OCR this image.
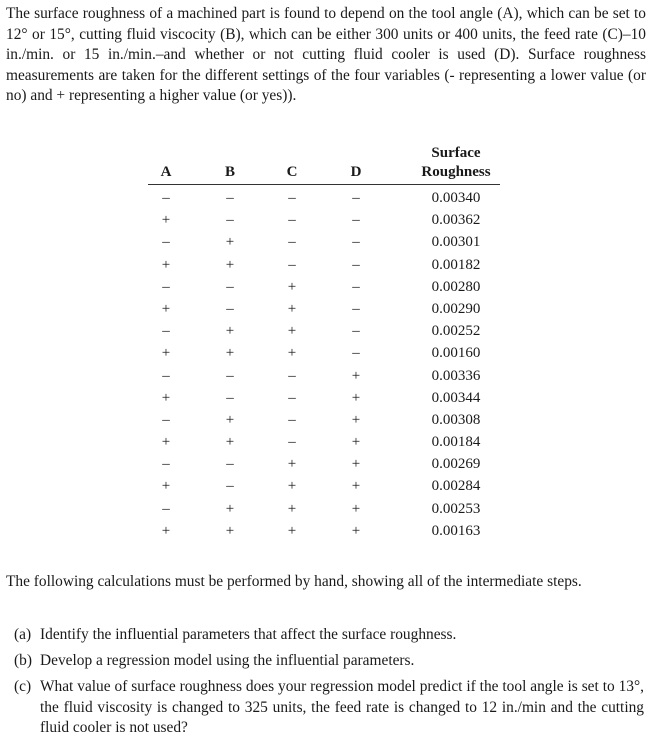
The surface roughness of a machined part is found to depend on the tool angle (A), which can be set to 12° or 15°, cutting fluid viscocity (B), which can be either 300 units or 400 units, the feed rate (C)–10 in./min. or 15 in./min.–and whether or not cutting fluid cooler is used (D). Surface roughness measurements are taken for the different settings of the four variables (- representing a lower value (or no) and + representing a higher value (or yes)).
A	B	C	D
Surface Roughness
–	–	–	–	0.00340
+	–	–	–	0.00362
–	+	–	–	0.00301
+	+	–	–	0.00182
–	–	+	–	0.00280
+	–	+	–	0.00290
–	+	+	–	0.00252
+	+	+	–	0.00160
–	–	–	+	0.00336
+	–	–	+	0.00344
–	+	–	+	0.00308
+	+	–	+	0.00184
–	–	+	+	0.00269
+	–	+	+	0.00284
–	+	+	+	0.00253
+	+	+	+	0.00163
The following calculations must be performed by hand, showing all of the intermediate steps.
(a) Identify the influential parameters that affect the surface roughness.
(b) Develop a regression model using the influential parameters.
(c) What value of surface roughness does your regression model predict if the tool angle is set to 13°, the fluid viscosity is changed to 325 units, the feed rate is changed to 12 in./min and the cutting fluid cooler is not used?
